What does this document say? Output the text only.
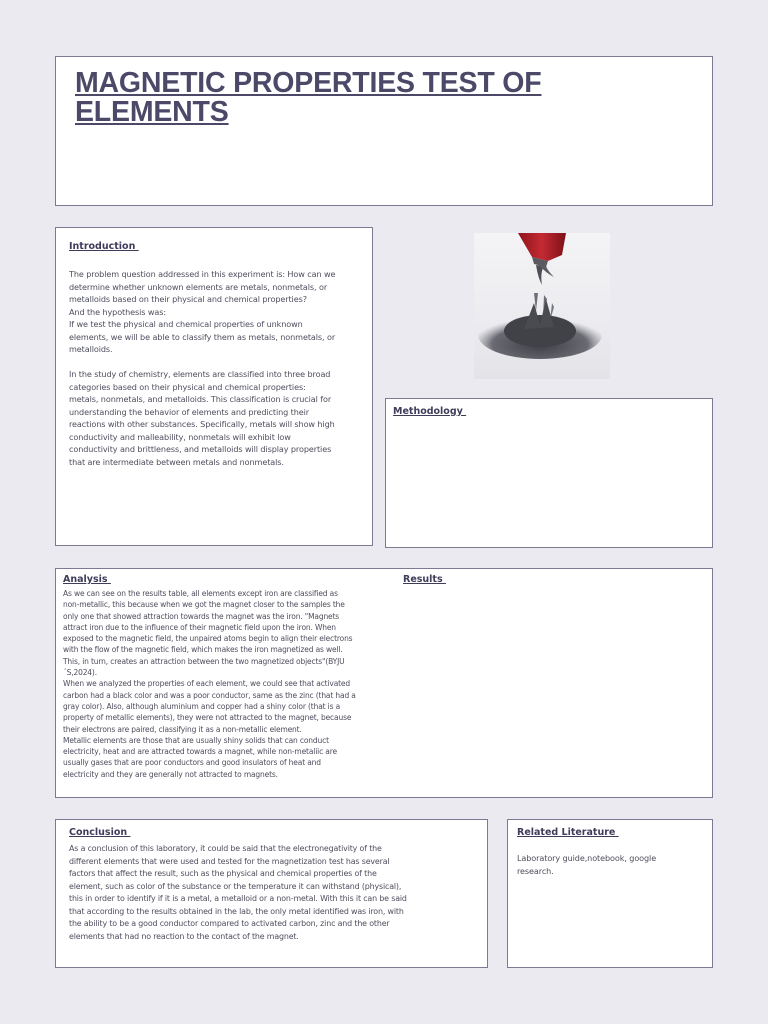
MAGNETIC PROPERTIES TEST OF ELEMENTS
Introduction
The problem question addressed in this experiment is: How can we
determine whether unknown elements are metals, nonmetals, or
metalloids based on their physical and chemical properties?
And the hypothesis was:
If we test the physical and chemical properties of unknown
elements, we will be able to classify them as metals, nonmetals, or
metalloids.

In the study of chemistry, elements are classified into three broad
categories based on their physical and chemical properties:
metals, nonmetals, and metalloids. This classification is crucial for
understanding the behavior of elements and predicting their
reactions with other substances. Specifically, metals will show high
conductivity and malleability, nonmetals will exhibit low
conductivity and brittleness, and metalloids will display properties
that are intermediate between metals and nonmetals.
Methodology
Analysis
As we can see on the results table, all elements except iron are classified as
non-metallic, this because when we got the magnet closer to the samples the
only one that showed attraction towards the magnet was the iron. "Magnets
attract iron due to the influence of their magnetic field upon the iron. When
exposed to the magnetic field, the unpaired atoms begin to align their electrons
with the flow of the magnetic field, which makes the iron magnetized as well.
This, in turn, creates an attraction between the two magnetized objects"(BYJU
´S,2024).
When we analyzed the properties of each element, we could see that activated
carbon had a black color and was a poor conductor, same as the zinc (that had a
gray color). Also, although aluminium and copper had a shiny color (that is a
property of metallic elements), they were not attracted to the magnet, because
their electrons are paired, classifying it as a non-metallic element.
Metallic elements are those that are usually shiny solids that can conduct
electricity, heat and are attracted towards a magnet, while non-metaliic are
usually gases that are poor conductors and good insulators of heat and
electricity and they are generally not attracted to magnets.
Results
Conclusion
As a conclusion of this laboratory, it could be said that the electronegativity of the
different elements that were used and tested for the magnetization test has several
factors that affect the result, such as the physical and chemical properties of the
element, such as color of the substance or the temperature it can withstand (physical),
this in order to identify if it is a metal, a metalloid or a non-metal. With this it can be said
that according to the results obtained in the lab, the only metal identified was iron, with
the ability to be a good conductor compared to activated carbon, zinc and the other
elements that had no reaction to the contact of the magnet.
Related Literature
Laboratory guide,notebook, google
research.
